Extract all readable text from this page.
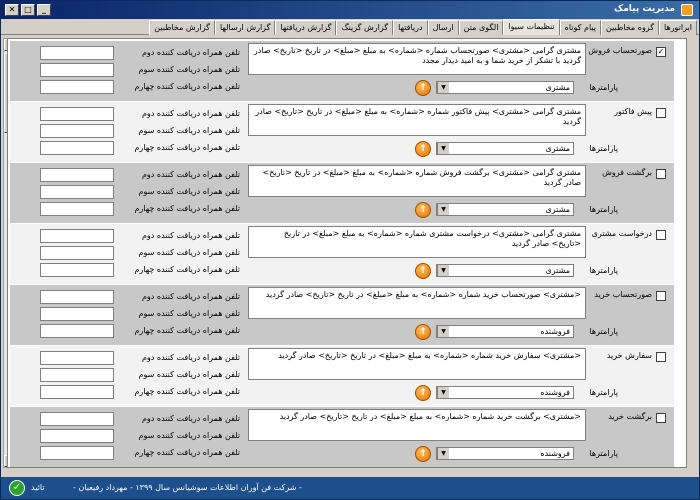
✕	□	_	مدیریت پیامک
ایراتورها
گروه مخاطبین
پیام کوتاه
تنظیمات سیوا
الگوی متن
ارسال
دریافتها
گزارش گزینگ
گزارش دریافتها
گزارش ارسالها
گزارش مخاطبین
✓
صورتحساب فروش
مشتری گرامی <مشتری> صورتحساب شماره <شماره> به مبلغ <مبلغ> در تاریخ <تاریخ> صادر گردید با تشکر از خرید شما و به امید دیدار مجدد
پارامترها
مشتری
▼
↑
تلفن همراه دریافت کننده دوم
تلفن همراه دریافت کننده سوم
تلفن همراه دریافت کننده چهارم
پیش فاکتور
مشتری گرامی <مشتری> پیش فاکتور شماره <شماره> به مبلغ <مبلغ> در تاریخ <تاریخ> صادر گردید
پارامترها
مشتری
▼
↑
تلفن همراه دریافت کننده دوم
تلفن همراه دریافت کننده سوم
تلفن همراه دریافت کننده چهارم
برگشت فروش
مشتری گرامی <مشتری> برگشت فروش شماره <شماره> به مبلغ <مبلغ> در تاریخ <تاریخ> صادر گردید
پارامترها
مشتری
▼
↑
تلفن همراه دریافت کننده دوم
تلفن همراه دریافت کننده سوم
تلفن همراه دریافت کننده چهارم
درخواست مشتری
مشتری گرامی <مشتری> درخواست مشتری شماره <شماره> به مبلغ <مبلغ> در تاریخ <تاریخ> صادر گردید
پارامترها
مشتری
▼
↑
تلفن همراه دریافت کننده دوم
تلفن همراه دریافت کننده سوم
تلفن همراه دریافت کننده چهارم
صورتحساب خرید
<مشتری> صورتحساب خرید شماره <شماره> به مبلغ <مبلغ> در تاریخ <تاریخ> صادر گردید
پارامترها
فروشنده
▼
↑
تلفن همراه دریافت کننده دوم
تلفن همراه دریافت کننده سوم
تلفن همراه دریافت کننده چهارم
سفارش خرید
<مشتری> سفارش خرید شماره <شماره> به مبلغ <مبلغ> در تاریخ <تاریخ> صادر گردید
پارامترها
فروشنده
▼
↑
تلفن همراه دریافت کننده دوم
تلفن همراه دریافت کننده سوم
تلفن همراه دریافت کننده چهارم
برگشت خرید
<مشتری> برگشت خرید شماره <شماره> به مبلغ <مبلغ> در تاریخ <تاریخ> صادر گردید
پارامترها
فروشنده
▼
↑
تلفن همراه دریافت کننده دوم
تلفن همراه دریافت کننده سوم
تلفن همراه دریافت کننده چهارم
✓	تائید	- شرکت فن آوران اطلاعات سوشیانس سال ۱۳۹۹ - مهرداد رفیعیان -
